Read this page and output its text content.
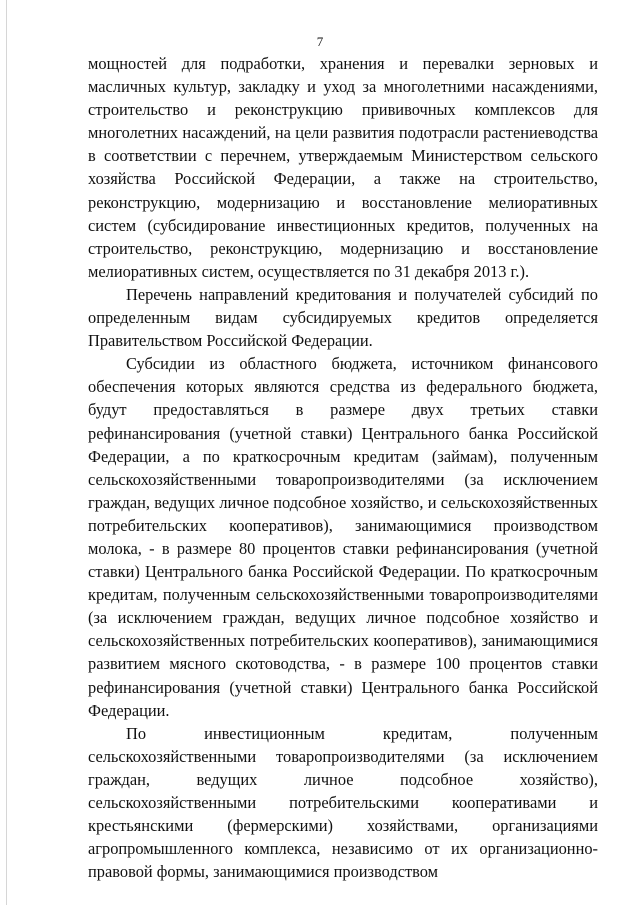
7

мощностей для подработки, хранения и перевалки зерновых и масличных культур, закладку и уход за многолетними насаждениями, строительство и реконструкцию прививочных комплексов для многолетних насаждений, на цели развития подотрасли растениеводства в соответствии с перечнем, утверждаемым Министерством сельского хозяйства Российской Федерации, а также на строительство, реконструкцию, модернизацию и восстановление мелиоративных систем (субсидирование инвестиционных кредитов, полученных на строительство, реконструкцию, модернизацию и восстановление мелиоративных систем, осуществляется по 31 декабря 2013 г.).

Перечень направлений кредитования и получателей субсидий по определенным видам субсидируемых кредитов определяется Правительством Российской Федерации.

Субсидии из областного бюджета, источником финансового обеспечения которых являются средства из федерального бюджета, будут предоставляться в размере двух третьих ставки рефинансирования (учетной ставки) Центрального банка Российской Федерации, а по краткосрочным кредитам (займам), полученным сельскохозяйственными товаропроизводителями (за исключением граждан, ведущих личное подсобное хозяйство, и сельскохозяйственных потребительских кооперативов), занимающимися производством молока, - в размере 80 процентов ставки рефинансирования (учетной ставки) Центрального банка Российской Федерации. По краткосрочным кредитам, полученным сельскохозяйственными товаропроизводителями (за исключением граждан, ведущих личное подсобное хозяйство и сельскохозяйственных потребительских кооперативов), занимающимися развитием мясного скотоводства, - в размере 100 процентов ставки рефинансирования (учетной ставки) Центрального банка Российской Федерации.

По инвестиционным кредитам, полученным сельскохозяйственными товаропроизводителями (за исключением граждан, ведущих личное подсобное хозяйство), сельскохозяйственными потребительскими кооперативами и крестьянскими (фермерскими) хозяйствами, организациями агропромышленного комплекса, независимо от их организационно-правовой формы, занимающимися производством
